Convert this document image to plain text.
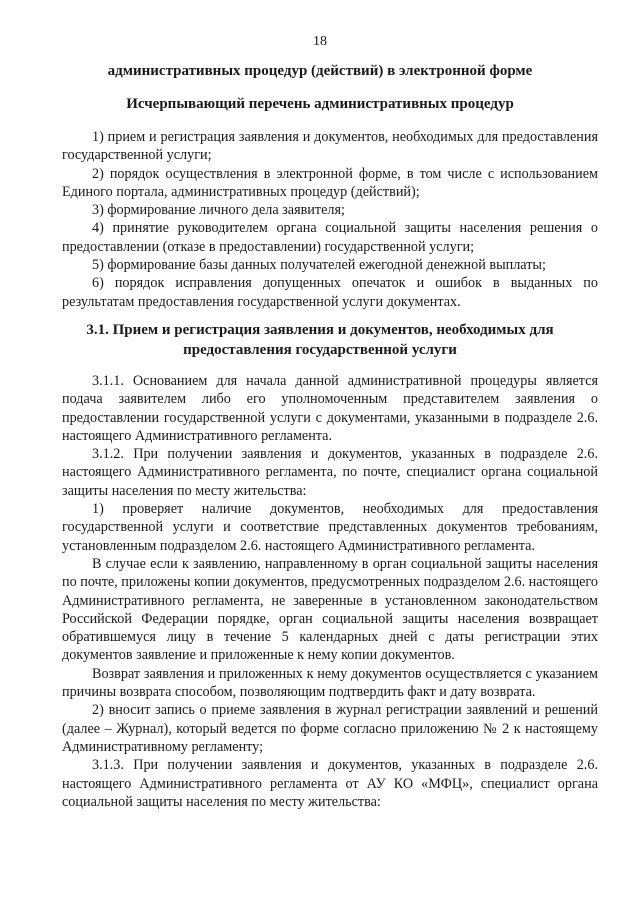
18
административных процедур (действий) в электронной форме
Исчерпывающий перечень административных процедур

1) прием и регистрация заявления и документов, необходимых для предоставления государственной услуги;

2) порядок осуществления в электронной форме, в том числе с использованием Единого портала, административных процедур (действий);

3) формирование личного дела заявителя;

4) принятие руководителем органа социальной защиты населения решения о предоставлении (отказе в предоставлении) государственной услуги;

5) формирование базы данных получателей ежегодной денежной выплаты;

6) порядок исправления допущенных опечаток и ошибок в выданных по результатам предоставления государственной услуги документах.

3.1. Прием и регистрация заявления и документов, необходимых для предоставления государственной услуги

3.1.1. Основанием для начала данной административной процедуры является подача заявителем либо его уполномоченным представителем заявления о предоставлении государственной услуги с документами, указанными в подразделе 2.6. настоящего Административного регламента.

3.1.2. При получении заявления и документов, указанных в подразделе 2.6. настоящего Административного регламента, по почте, специалист органа социальной защиты населения по месту жительства:

1) проверяет наличие документов, необходимых для предоставления государственной услуги и соответствие представленных документов требованиям, установленным подразделом 2.6. настоящего Административного регламента.

В случае если к заявлению, направленному в орган социальной защиты населения по почте, приложены копии документов, предусмотренных подразделом 2.6. настоящего Административного регламента, не заверенные в установленном законодательством Российской Федерации порядке, орган социальной защиты населения возвращает обратившемуся лицу в течение 5 календарных дней с даты регистрации этих документов заявление и приложенные к нему копии документов.

Возврат заявления и приложенных к нему документов осуществляется с указанием причины возврата способом, позволяющим подтвердить факт и дату возврата.

2) вносит запись о приеме заявления в журнал регистрации заявлений и решений (далее – Журнал), который ведется по форме согласно приложению № 2 к настоящему Административному регламенту;

3.1.3. При получении заявления и документов, указанных в подразделе 2.6. настоящего Административного регламента от АУ КО «МФЦ», специалист органа социальной защиты населения по месту жительства:
